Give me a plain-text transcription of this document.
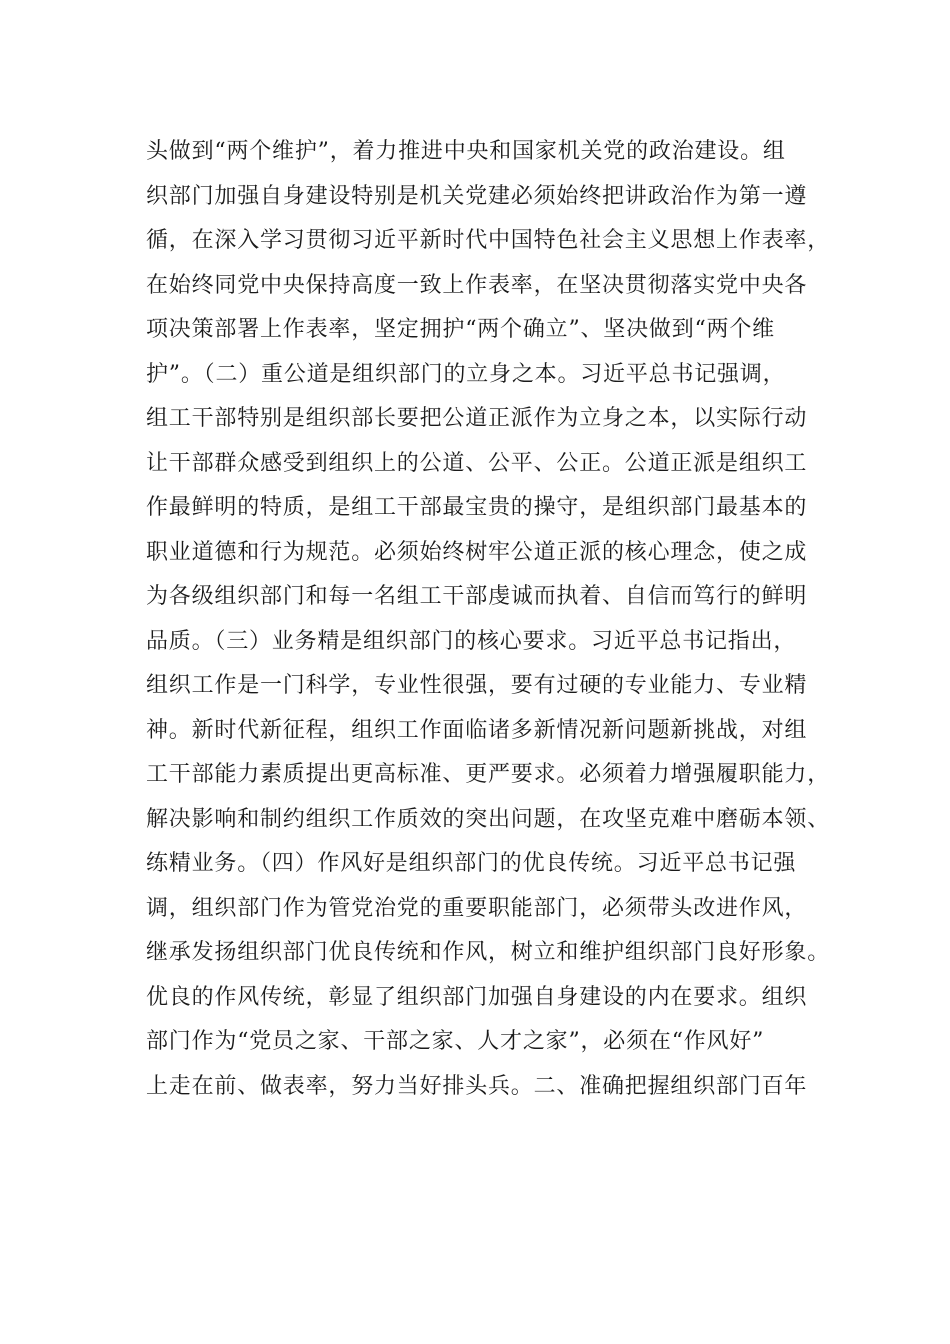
头做到“两个维护”，着力推进中央和国家机关党的政治建设。组
织部门加强自身建设特别是机关党建必须始终把讲政治作为第一遵
循，在深入学习贯彻习近平新时代中国特色社会主义思想上作表率，
在始终同党中央保持高度一致上作表率，在坚决贯彻落实党中央各
项决策部署上作表率，坚定拥护“两个确立”、坚决做到“两个维
护”。（二）重公道是组织部门的立身之本。习近平总书记强调，
组工干部特别是组织部长要把公道正派作为立身之本，以实际行动
让干部群众感受到组织上的公道、公平、公正。公道正派是组织工
作最鲜明的特质，是组工干部最宝贵的操守，是组织部门最基本的
职业道德和行为规范。必须始终树牢公道正派的核心理念，使之成
为各级组织部门和每一名组工干部虔诚而执着、自信而笃行的鲜明
品质。（三）业务精是组织部门的核心要求。习近平总书记指出，
组织工作是一门科学，专业性很强，要有过硬的专业能力、专业精
神。新时代新征程，组织工作面临诸多新情况新问题新挑战，对组
工干部能力素质提出更高标准、更严要求。必须着力增强履职能力，
解决影响和制约组织工作质效的突出问题，在攻坚克难中磨砺本领、
练精业务。（四）作风好是组织部门的优良传统。习近平总书记强
调，组织部门作为管党治党的重要职能部门，必须带头改进作风，
继承发扬组织部门优良传统和作风，树立和维护组织部门良好形象。
优良的作风传统，彰显了组织部门加强自身建设的内在要求。组织
部门作为“党员之家、干部之家、人才之家”，必须在“作风好”
上走在前、做表率，努力当好排头兵。二、准确把握组织部门百年
